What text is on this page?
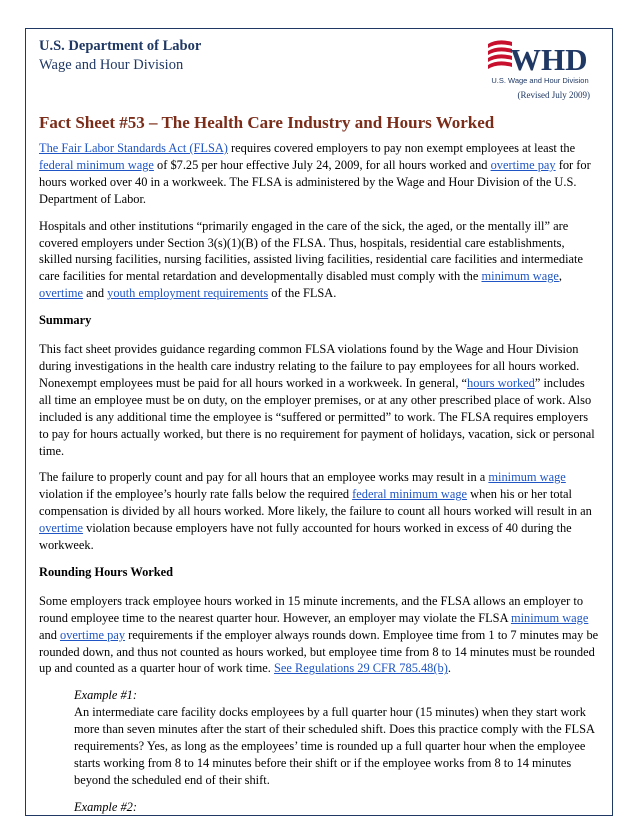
U.S. Department of Labor
Wage and Hour Division	WHD
U.S. Wage and Hour Division
(Revised July 2009)
Fact Sheet #53 – The Health Care Industry and Hours Worked

The Fair Labor Standards Act (FLSA) requires covered employers to pay non exempt employees at least the federal minimum wage of $7.25 per hour effective July 24, 2009, for all hours worked and overtime pay for for hours worked over 40 in a workweek. The FLSA is administered by the Wage and Hour Division of the U.S. Department of Labor.

Hospitals and other institutions “primarily engaged in the care of the sick, the aged, or the mentally ill” are covered employers under Section 3(s)(1)(B) of the FLSA. Thus, hospitals, residential care establishments, skilled nursing facilities, nursing facilities, assisted living facilities, residential care facilities and intermediate care facilities for mental retardation and developmentally disabled must comply with the minimum wage, overtime and youth employment requirements of the FLSA.

Summary

This fact sheet provides guidance regarding common FLSA violations found by the Wage and Hour Division during investigations in the health care industry relating to the failure to pay employees for all hours worked. Nonexempt employees must be paid for all hours worked in a workweek. In general, “hours worked” includes all time an employee must be on duty, on the employer premises, or at any other prescribed place of work. Also included is any additional time the employee is “suffered or permitted” to work. The FLSA requires employers to pay for hours actually worked, but there is no requirement for payment of holidays, vacation, sick or personal time.

The failure to properly count and pay for all hours that an employee works may result in a minimum wage violation if the employee’s hourly rate falls below the required federal minimum wage when his or her total compensation is divided by all hours worked. More likely, the failure to count all hours worked will result in an overtime violation because employers have not fully accounted for hours worked in excess of 40 during the workweek.

Rounding Hours Worked

Some employers track employee hours worked in 15 minute increments, and the FLSA allows an employer to round employee time to the nearest quarter hour. However, an employer may violate the FLSA minimum wage and overtime pay requirements if the employer always rounds down. Employee time from 1 to 7 minutes may be rounded down, and thus not counted as hours worked, but employee time from 8 to 14 minutes must be rounded up and counted as a quarter hour of work time. See Regulations 29 CFR 785.48(b).

Example #1:
An intermediate care facility docks employees by a full quarter hour (15 minutes) when they start work more than seven minutes after the start of their scheduled shift. Does this practice comply with the FLSA requirements? Yes, as long as the employees’ time is rounded up a full quarter hour when the employee starts working from 8 to 14 minutes before their shift or if the employee works from 8 to 14 minutes beyond the scheduled end of their shift.

Example #2:
